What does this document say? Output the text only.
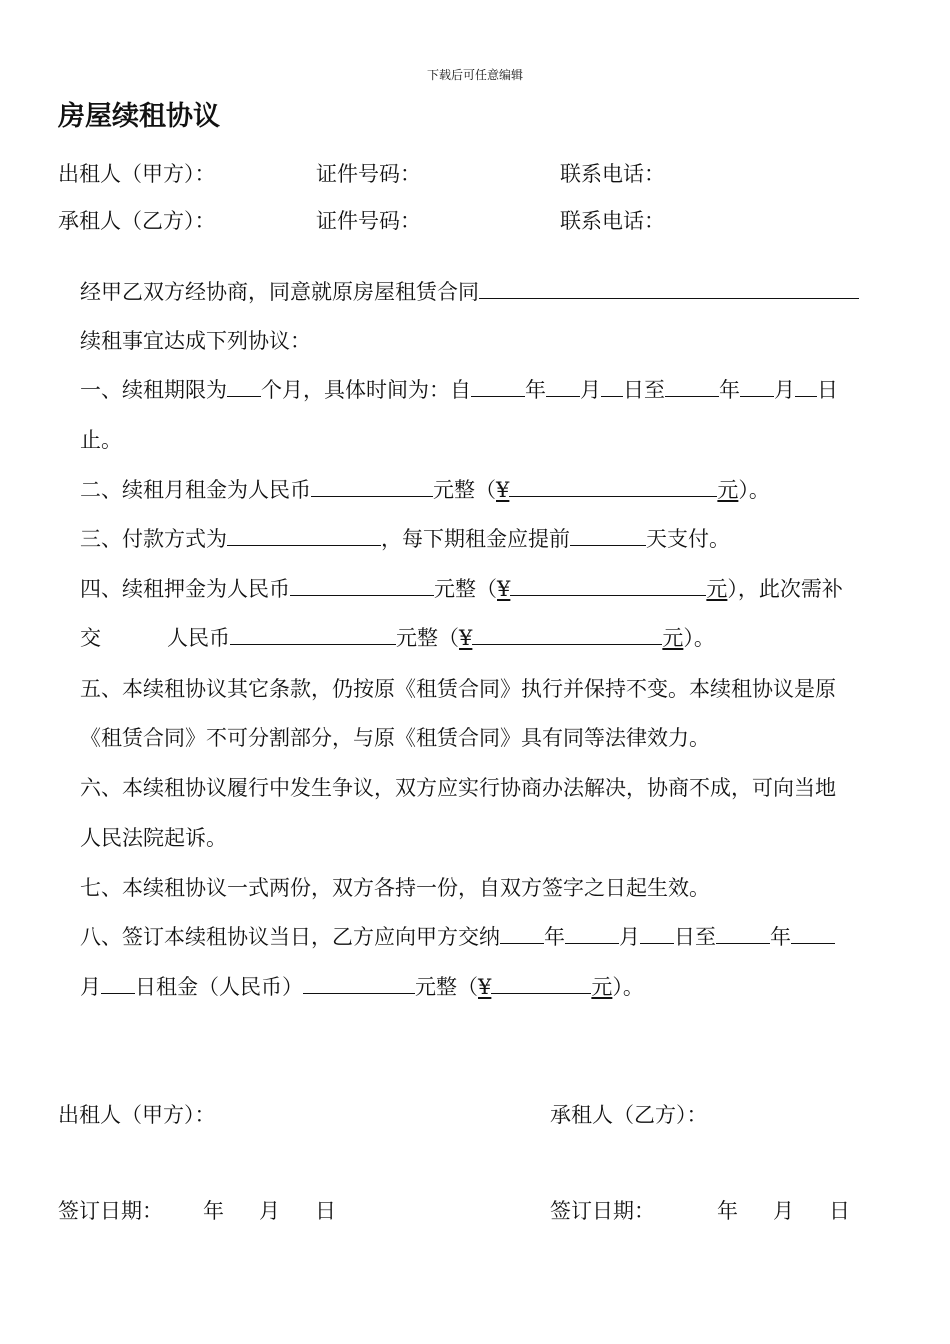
下载后可任意编辑
房屋续租协议
出租人（甲方）：	证件号码：	联系电话：
承租人（乙方）：	证件号码：	联系电话：
经甲乙双方经协商，同意就原房屋租赁合同
续租事宜达成下列协议：
一、续租期限为 个月，具体时间为：自	年 月 日至	年 月 日
止。
二、续租月租金为人民币	元整（¥	元）。
三、付款方式为	，每下期租金应提前	天支付。
四、续租押金为人民币	元整（¥	元），此次需补
交	人民币	元整（¥	元）。
五、本续租协议其它条款，仍按原《租赁合同》执行并保持不变。本续租协议是原
《租赁合同》不可分割部分，与原《租赁合同》具有同等法律效力。
六、本续租协议履行中发生争议，双方应实行协商办法解决，协商不成，可向当地
人民法院起诉。
七、本续租协议一式两份，双方各持一份，自双方签字之日起生效。
八、签订本续租协议当日，乙方应向甲方交纳 年	月 日至	年
月 日租金（人民币）	元整（¥	元）。
出租人（甲方）：	承租人（乙方）：
签订日期： 年 月 日	签订日期：	年 月 日
